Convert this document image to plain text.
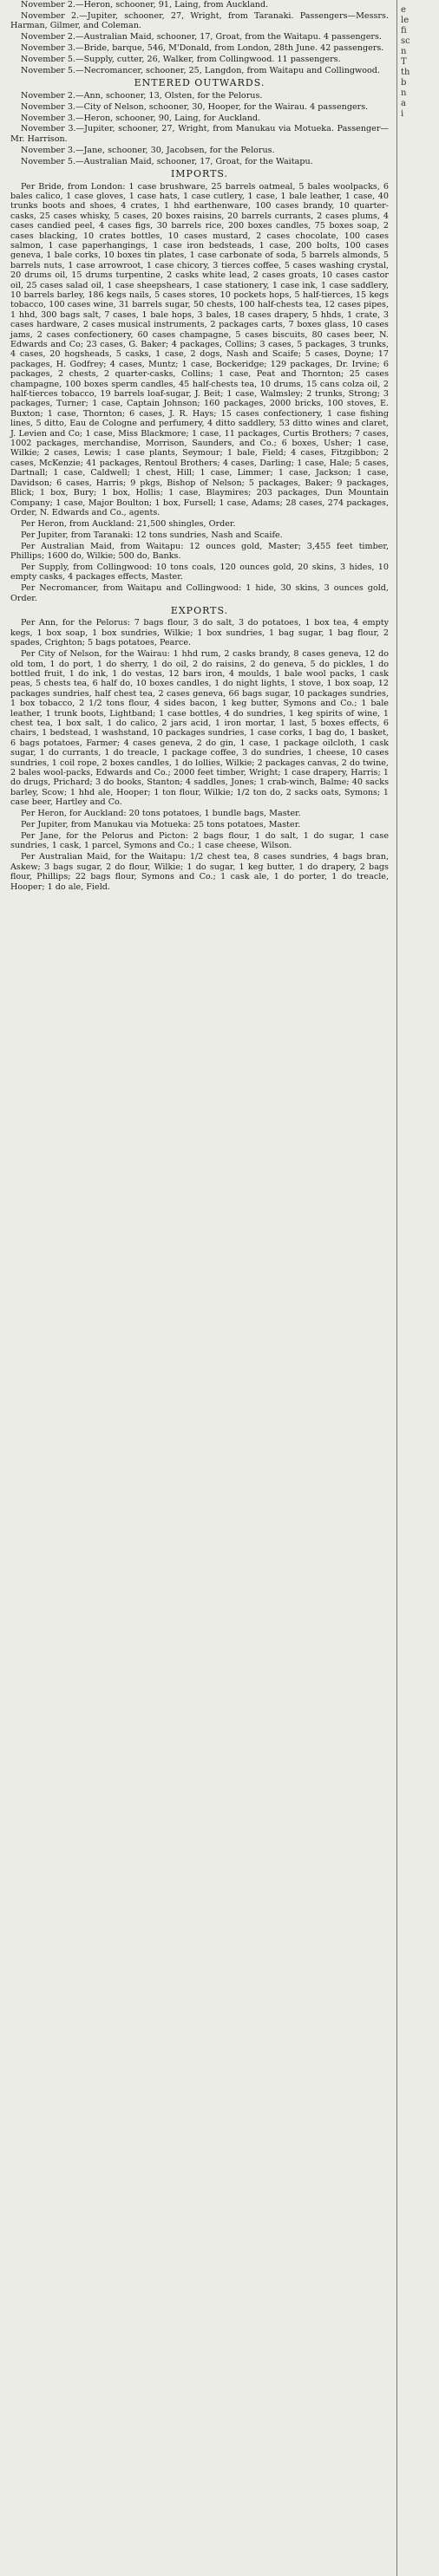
November 2.—Heron, schooner, 91, Laing, from Auckland.

November 2.—Jupiter, schooner, 27, Wright, from Taranaki. Passengers—Messrs. Harman, Gilmer, and Coleman.

November 2.—Australian Maid, schooner, 17, Groat, from the Waitapu. 4 passengers.

November 3.—Bride, barque, 546, M'Donald, from London, 28th June. 42 passengers.

November 5.—Supply, cutter, 26, Walker, from Collingwood. 11 passengers.

November 5.—Necromancer, schooner, 25, Langdon, from Waitapu and Collingwood.

ENTERED OUTWARDS.

November 2.—Ann, schooner, 13, Olsten, for the Pelorus.

November 3.—City of Nelson, schooner, 30, Hooper, for the Wairau. 4 passengers.

November 3.—Heron, schooner, 90, Laing, for Auckland.

November 3.—Jupiter, schooner, 27, Wright, from Manukau via Motueka. Passenger—Mr. Harrison.

November 3.—Jane, schooner, 30, Jacobsen, for the Pelorus.

November 5.—Australian Maid, schooner, 17, Groat, for the Waitapu.

IMPORTS.

Per Bride, from London: 1 case brushware, 25 barrels oatmeal, 5 bales woolpacks, 6 bales calico, 1 case gloves, 1 case hats, 1 case cutlery, 1 case, 1 bale leather, 1 case, 40 trunks boots and shoes, 4 crates, 1 hhd earthenware, 100 cases brandy, 10 quarter-casks, 25 cases whisky, 5 cases, 20 boxes raisins, 20 barrels currants, 2 cases plums, 4 cases candied peel, 4 cases figs, 30 barrels rice, 200 boxes candles, 75 boxes soap, 2 cases blacking, 10 crates bottles, 10 cases mustard, 2 cases chocolate, 100 cases salmon, 1 case paperhangings, 1 case iron bedsteads, 1 case, 200 bolts, 100 cases geneva, 1 bale corks, 10 boxes tin plates, 1 case carbonate of soda, 5 barrels almonds, 5 barrels nuts, 1 case arrowroot, 1 case chicory, 3 tierces coffee, 5 cases washing crystal, 20 drums oil, 15 drums turpentine, 2 casks white lead, 2 cases groats, 10 cases castor oil, 25 cases salad oil, 1 case sheepshears, 1 case stationery, 1 case ink, 1 case saddlery, 10 barrels barley, 186 kegs nails, 5 cases stores, 10 pockets hops, 5 half-tierces, 15 kegs tobacco, 100 cases wine, 31 barrels sugar, 50 chests, 100 half-chests tea, 12 cases pipes, 1 hhd, 300 bags salt, 7 cases, 1 bale hops, 3 bales, 18 cases drapery, 5 hhds, 1 crate, 3 cases hardware, 2 cases musical instruments, 2 packages carts, 7 boxes glass, 10 cases jams, 2 cases confectionery, 60 cases champagne, 5 cases biscuits, 80 cases beer, N. Edwards and Co; 23 cases, G. Baker; 4 packages, Collins; 3 cases, 5 packages, 3 trunks, 4 cases, 20 hogsheads, 5 casks, 1 case, 2 dogs, Nash and Scaife; 5 cases, Doyne; 17 packages, H. Godfrey; 4 cases, Muntz; 1 case, Bockeridge; 129 packages, Dr. Irvine; 6 packages, 2 chests, 2 quarter-casks, Collins; 1 case, Peat and Thornton; 25 cases champagne, 100 boxes sperm candles, 45 half-chests tea, 10 drums, 15 cans colza oil, 2 half-tierces tobacco, 19 barrels loaf-sugar, J. Beit; 1 case, Walmsley; 2 trunks, Strong; 3 packages, Turner; 1 case, Captain Johnson; 160 packages, 2000 bricks, 100 stoves, E. Buxton; 1 case, Thornton; 6 cases, J. R. Hays; 15 cases confectionery, 1 case fishing lines, 5 ditto, Eau de Cologne and perfumery, 4 ditto saddlery, 53 ditto wines and claret, J. Levien and Co; 1 case, Miss Blackmore; 1 case, 11 packages, Curtis Brothers; 7 cases, 1002 packages, merchandise, Morrison, Saunders, and Co.; 6 boxes, Usher; 1 case, Wilkie; 2 cases, Lewis; 1 case plants, Seymour; 1 bale, Field; 4 cases, Fitzgibbon; 2 cases, McKenzie; 41 packages, Rentoul Brothers; 4 cases, Darling; 1 case, Hale; 5 cases, Dartnall; 1 case, Caldwell; 1 chest, Hill; 1 case, Limmer; 1 case, Jackson; 1 case, Davidson; 6 cases, Harris; 9 pkgs, Bishop of Nelson; 5 packages, Baker; 9 packages, Blick; 1 box, Bury; 1 box, Hollis; 1 case, Blaymires; 203 packages, Dun Mountain Company; 1 case, Major Boulton; 1 box, Fursell; 1 case, Adams; 28 cases, 274 packages, Order, N. Edwards and Co., agents.

Per Heron, from Auckland: 21,500 shingles, Order.

Per Jupiter, from Taranaki: 12 tons sundries, Nash and Scaife.

Per Australian Maid, from Waitapu: 12 ounces gold, Master; 3,455 feet timber, Phillips; 1600 do, Wilkie; 500 do, Banks.

Per Supply, from Collingwood: 10 tons coals, 120 ounces gold, 20 skins, 3 hides, 10 empty casks, 4 packages effects, Master.

Per Necromancer, from Waitapu and Collingwood: 1 hide, 30 skins, 3 ounces gold, Order.

EXPORTS.

Per Ann, for the Pelorus: 7 bags flour, 3 do salt, 3 do potatoes, 1 box tea, 4 empty kegs, 1 box soap, 1 box sundries, Wilkie; 1 box sundries, 1 bag sugar, 1 bag flour, 2 spades, Crighton; 5 bags potatoes, Pearce.

Per City of Nelson, for the Wairau: 1 hhd rum, 2 casks brandy, 8 cases geneva, 12 do old tom, 1 do port, 1 do sherry, 1 do oil, 2 do raisins, 2 do geneva, 5 do pickles, 1 do bottled fruit, 1 do ink, 1 do vestas, 12 bars iron, 4 moulds, 1 bale wool packs, 1 cask peas, 5 chests tea, 6 half do, 10 boxes candles, 1 do night lights, 1 stove, 1 box soap, 12 packages sundries, half chest tea, 2 cases geneva, 66 bags sugar, 10 packages sundries, 1 box tobacco, 2 1/2 tons flour, 4 sides bacon, 1 keg butter, Symons and Co.; 1 bale leather, 1 trunk boots, Lightband; 1 case bottles, 4 do sundries, 1 keg spirits of wine, 1 chest tea, 1 box salt, 1 do calico, 2 jars acid, 1 iron mortar, 1 last, 5 boxes effects, 6 chairs, 1 bedstead, 1 washstand, 10 packages sundries, 1 case corks, 1 bag do, 1 basket, 6 bags potatoes, Farmer; 4 cases geneva, 2 do gin, 1 case, 1 package oilcloth, 1 cask sugar, 1 do currants, 1 do treacle, 1 package coffee, 3 do sundries, 1 cheese, 10 cases sundries, 1 coil rope, 2 boxes candles, 1 do lollies, Wilkie; 2 packages canvas, 2 do twine, 2 bales wool-packs, Edwards and Co.; 2000 feet timber, Wright; 1 case drapery, Harris; 1 do drugs, Prichard; 3 do books, Stanton; 4 saddles, Jones; 1 crab-winch, Balme; 40 sacks barley, Scow; 1 hhd ale, Hooper; 1 ton flour, Wilkie; 1/2 ton do, 2 sacks oats, Symons; 1 case beer, Hartley and Co.

Per Heron, for Auckland: 20 tons potatoes, 1 bundle bags, Master.

Per Jupiter, from Manukau via Motueka: 25 tons potatoes, Master.

Per Jane, for the Pelorus and Picton: 2 bags flour, 1 do salt, 1 do sugar, 1 case sundries, 1 cask, 1 parcel, Symons and Co.; 1 case cheese, Wilson.

Per Australian Maid, for the Waitapu: 1/2 chest tea, 8 cases sundries, 4 bags bran, Askew; 3 bags sugar, 2 do flour, Wilkie; 1 do sugar, 1 keg butter, 1 do drapery, 2 bags flour, Phillips; 22 bags flour, Symons and Co.; 1 cask ale, 1 do porter, 1 do treacle, Hooper; 1 do ale, Field.

e
le
fi
sc
n
T
th
b
n
a
i
